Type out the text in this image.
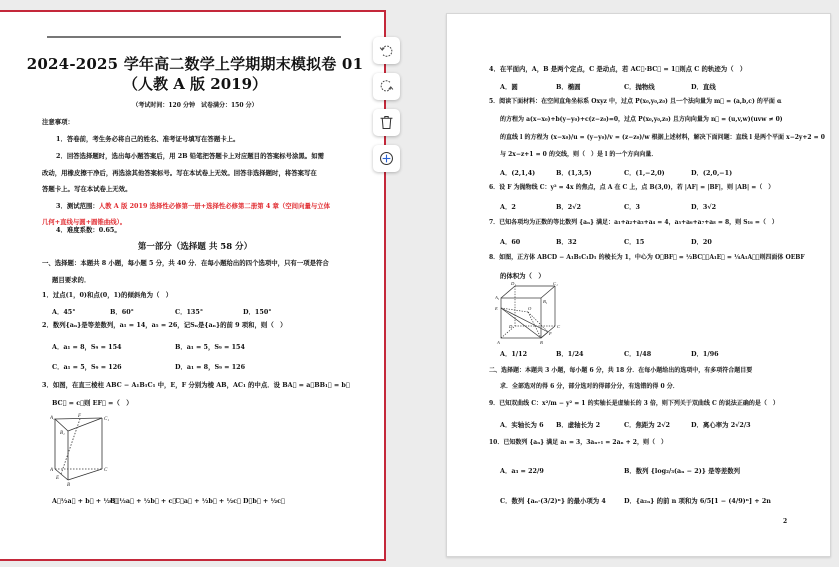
2024-2025 学年高二数学上学期期末模拟卷 01
（人教 A 版 2019）
（考试时间：120 分钟　试卷满分：150 分）
注意事项：
1．答卷前，考生务必将自己的姓名、准考证号填写在答题卡上。
2．回答选择题时，选出每小题答案后，用 2B 铅笔把答题卡上对应题目的答案标号涂黑。如需
改动，用橡皮擦干净后，再选涂其他答案标号。写在本试卷上无效。回答非选择题时，将答案写在
答题卡上。写在本试卷上无效。
3．测试范围：人教 A 版 2019 选择性必修第一册+选择性必修第二册第 4 章（空间向量与立体
几何+直线与圆+圆锥曲线）。
4．难度系数：0.65。
第一部分（选择题 共 58 分）
一、选择题：本题共 8 小题，每小题 5 分，共 40 分．在每小题给出的四个选项中，只有一项是符合
题目要求的．
1．过点(1，0)和点(0，1)的倾斜角为（　）
A．45°	B．60°	C．135°	D．150°
2．数列{aₙ}是等差数列，a₁ = 14，a₅ = 26，记Sₙ是{aₙ}的前 9 项和，则（　）
A．a₁ = 8，S₉ = 154	B．a₁ = 5，S₉ = 154
C．a₁ = 5，S₉ = 126	D．a₁ = 8，S₉ = 126
3．如图，在直三棱柱 ABC − A₁B₁C₁ 中，E，F 分别为棱 AB，AC₁ 的中点．设 BA⃗ = a，BB₁⃗ = b，
BC⃗ = c，则 EF⃗ =（　）
A₁	F
C₁
B₁
A	C
E
B
A．½a⃗ + b⃗ + ½c⃗
B．½a⃗ + ½b⃗ + c⃗
C．a⃗ + ½b⃗ + ½c⃗ D．b⃗ + ½c⃗
4．在平面内，A，B 是两个定点，C 是动点，若 AC⃗·BC⃗ = 1，则点 C 的轨迹为（　）
A．圆	B．椭圆	C．抛物线	D．直线
5．阅读下面材料：在空间直角坐标系 Oxyz 中，过点 P(x₀,y₀,z₀) 且一个法向量为 m⃗ = (a,b,c) 的平面 α
的方程为 a(x−x₀)+b(y−y₀)+c(z−z₀)=0，过点 P(x₀,y₀,z₀) 且方向向量为 n⃗ = (u,v,w)(uvw ≠ 0)
的直线 l 的方程为 (x−x₀)/u = (y−y₀)/v = (z−z₀)/w 根据上述材料，解决下面问题：直线 l 是两个平面 x−2y+2 = 0
与 2x−z+1 = 0 的交线，则（　）是 l 的一个方向向量．
A．(2,1,4)	B．(1,3,5)	C．(1,−2,0)	D．(2,0,−1)
6．设 F 为抛物线 C：y² = 4x 的焦点，点 A 在 C 上，点 B(3,0)，若 |AF| = |BF|，则 |AB| =（　）
A．2	B．2√2	C．3	D．3√2
7．已知各项均为正数的等比数列 {aₙ} 满足：a₁+a₂+a₃+a₄ = 4，a₅+a₆+a₇+a₈ = 8，则 S₁₆ =（　）
A．60	B．32	C．15	D．20
8．如图，正方体 ABCD − A₁B₁C₁D₁ 的棱长为 1，中心为 O，BF⃗ = ½BC⃗，A₁E⃗ = ¼A₁A⃗，则四面体 OEBF
的体积为（　）
D₁	C₁
A₁
B₁
E	O
D	C
F
A	B
A．1/12	B．1/24	C．1/48	D．1/96
二、选择题：本题共 3 小题，每小题 6 分，共 18 分．在每小题给出的选项中，有多项符合题目要
求．全部选对的得 6 分，部分选对的得部分分，有选错的得 0 分．
9．已知双曲线 C：x²/m − y² = 1 的实轴长是虚轴长的 3 倍，则下列关于双曲线 C 的说法正确的是（　）
A．实轴长为 6 B．虚轴长为 2	C．焦距为 2√2	D．离心率为 2√2/3
10．已知数列 {aₙ} 满足 a₁ = 3，3aₙ₊₁ = 2aₙ + 2，则（　）
A．a₃ = 22/9	B．数列 {log₂/₃(aₙ − 2)} 是等差数列
C．数列 {aₙ·(3/2)ⁿ} 的最小项为 4	D．{a₂ₙ} 的前 n 项和为 6/5[1 − (4/9)ⁿ] + 2n
2
